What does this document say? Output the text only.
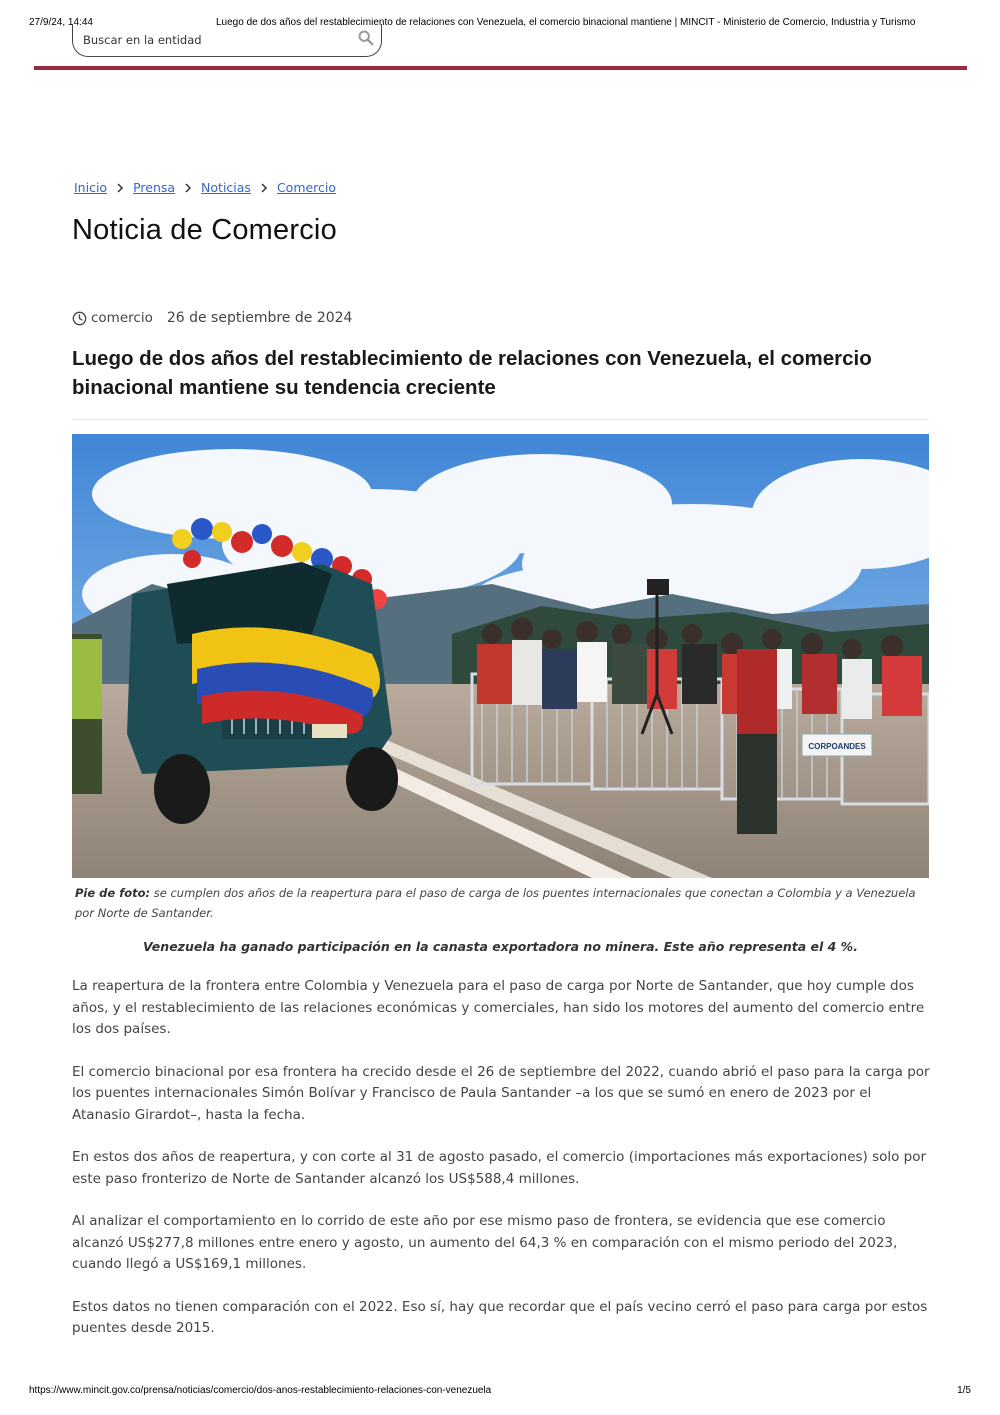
27/9/24, 14:44	Luego de dos años del restablecimiento de relaciones con Venezuela, el comercio binacional mantiene | MINCIT - Ministerio de Comercio, Industria y Turismo
Buscar en la entidad
Inicio Prensa Noticias Comercio
Noticia de Comercio
comercio 26 de septiembre de 2024
Luego de dos años del restablecimiento de relaciones con Venezuela, el comercio binacional mantiene su tendencia creciente
CORPOANDES

Pie de foto: se cumplen dos años de la reapertura para el paso de carga de los puentes internacionales que conectan a Colombia y a Venezuela por Norte de Santander.

Venezuela ha ganado participación en la canasta exportadora no minera. Este año representa el 4 %.

La reapertura de la frontera entre Colombia y Venezuela para el paso de carga por Norte de Santander, que hoy cumple dos años, y el restablecimiento de las relaciones económicas y comerciales, han sido los motores del aumento del comercio entre los dos países.

El comercio binacional por esa frontera ha crecido desde el 26 de septiembre del 2022, cuando abrió el paso para la carga por los puentes internacionales Simón Bolívar y Francisco de Paula Santander –a los que se sumó en enero de 2023 por el Atanasio Girardot–, hasta la fecha.

En estos dos años de reapertura, y con corte al 31 de agosto pasado, el comercio (importaciones más exportaciones) solo por este paso fronterizo de Norte de Santander alcanzó los US$588,4 millones.

Al analizar el comportamiento en lo corrido de este año por ese mismo paso de frontera, se evidencia que ese comercio alcanzó US$277,8 millones entre enero y agosto, un aumento del 64,3 % en comparación con el mismo periodo del 2023, cuando llegó a US$169,1 millones.

Estos datos no tienen comparación con el 2022. Eso sí, hay que recordar que el país vecino cerró el paso para carga por estos puentes desde 2015.

https://www.mincit.gov.co/prensa/noticias/comercio/dos-anos-restablecimiento-relaciones-con-venezuela	1/5
